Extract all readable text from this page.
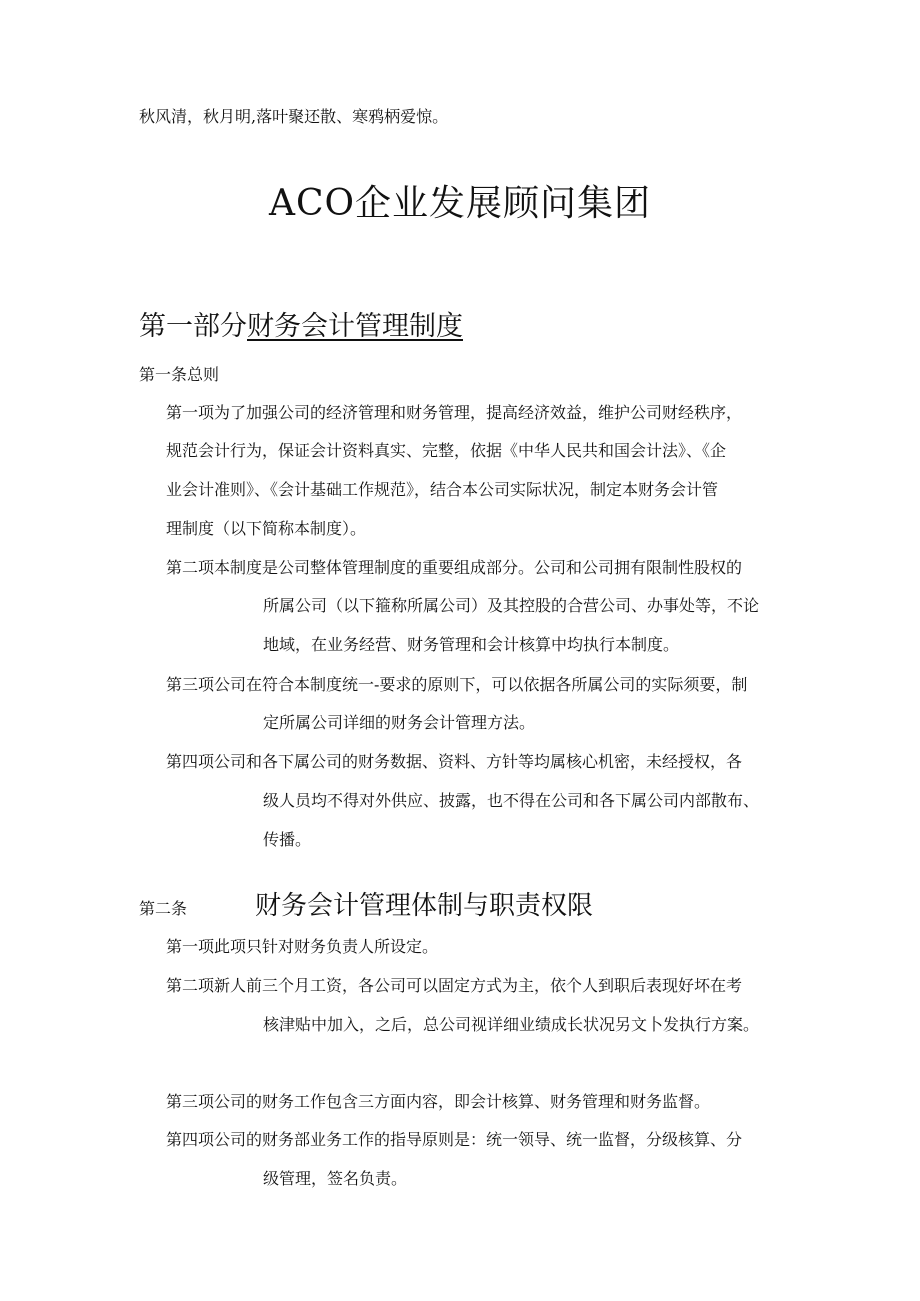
秋风清，秋月明,落叶聚还散、寒鸦柄爱惊。
ACO企业发展顾问集团
第一部分财务会计管理制度
第一条总则
第一项为了加强公司的经济管理和财务管理，提高经济效益，维护公司财经秩序，
规范会计行为，保证会计资料真实、完整，依据《中华人民共和国会计法》、《企
业会计准则》、《会计基础工作规范》，结合本公司实际状况，制定本财务会计管
理制度（以下简称本制度）。
第二项本制度是公司整体管理制度的重要组成部分。公司和公司拥有限制性股权的
所属公司（以下箍称所属公司）及其控股的合营公司、办事处等，不论
地域，在业务经营、财务管理和会计核算中均执行本制度。
第三项公司在符合本制度统一-要求的原则下，可以依据各所属公司的实际须要，制
定所属公司详细的财务会计管理方法。
第四项公司和各下属公司的财务数据、资料、方针等均属核心机密，未经授权，各
级人员均不得对外供应、披露，也不得在公司和各下属公司内部散布、
传播。
第二条	财务会计管理体制与职责权限
第一项此项只针对财务负责人所设定。
第二项新人前三个月工资，各公司可以固定方式为主，依个人到职后表现好坏在考
核津贴中加入，之后，总公司视详细业绩成长状况另文卜发执行方案。
第三项公司的财务工作包含三方面内容，即会计核算、财务管理和财务监督。
第四项公司的财务部业务工作的指导原则是：统一领导、统一监督，分级核算、分
级管理，签名负责。
